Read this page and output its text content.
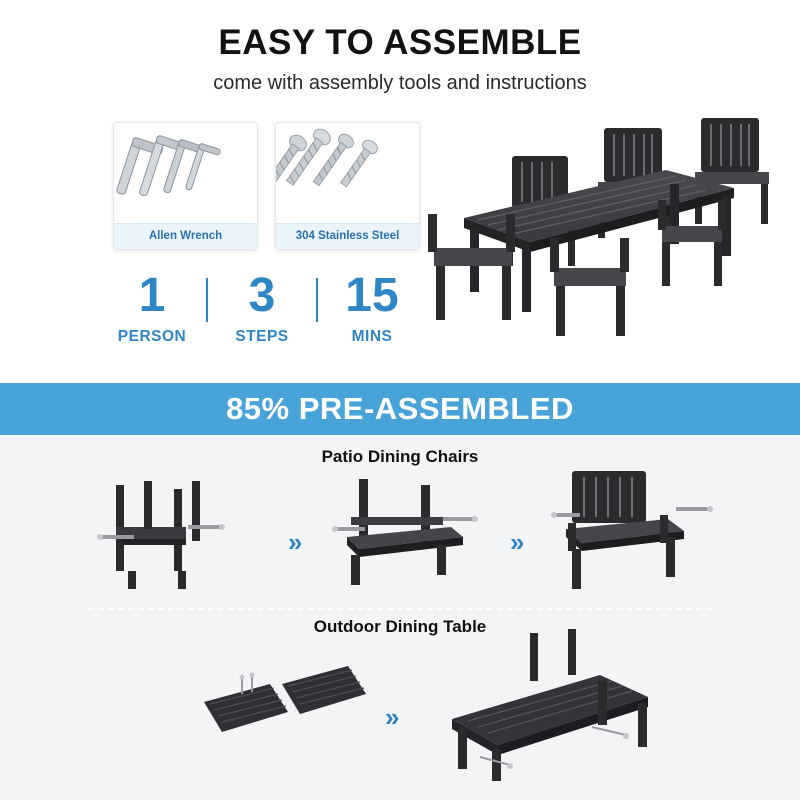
EASY TO ASSEMBLE
come with assembly tools and instructions
Allen Wrench	304 Stainless Steel
1
PERSON
3
STEPS
15
MINS
85% PRE-ASSEMBLED
Patio Dining Chairs
»	»
Outdoor Dining Table
»
